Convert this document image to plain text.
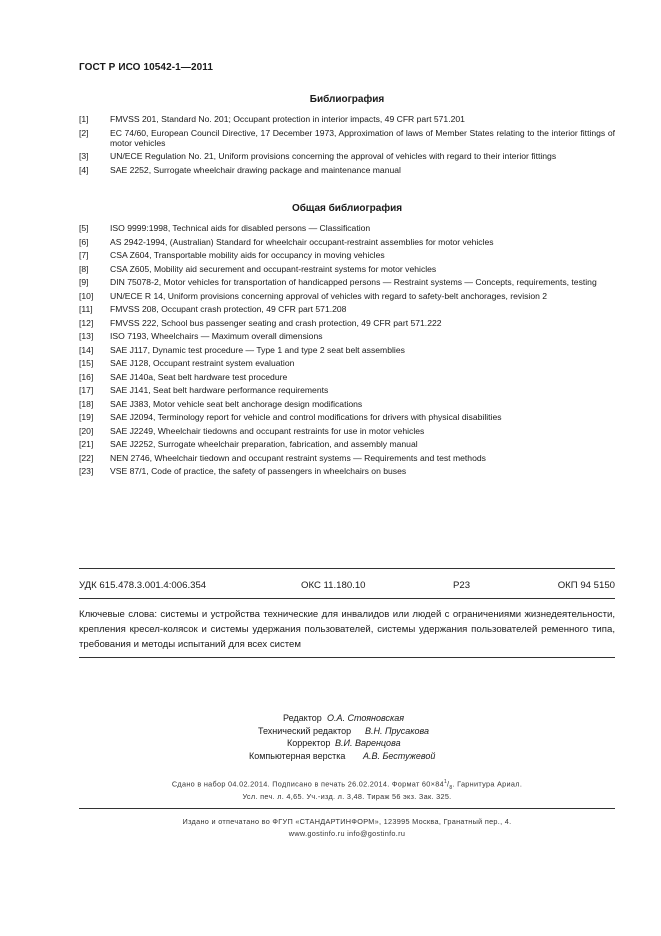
ГОСТ Р ИСО 10542-1—2011
Библиография
[1]	FMVSS 201, Standard No. 201; Occupant protection in interior impacts, 49 CFR part 571.201
[2]	EC 74/60, European Council Directive, 17 December 1973, Approximation of laws of Member States relating to the interior fittings of motor vehicles
[3]	UN/ECE Regulation No. 21, Uniform provisions concerning the approval of vehicles with regard to their interior fittings
[4]	SAE 2252, Surrogate wheelchair drawing package and maintenance manual
Общая библиография
[5]	ISO 9999:1998, Technical aids for disabled persons — Classification
[6]	AS 2942-1994, (Australian) Standard for wheelchair occupant-restraint assemblies for motor vehicles
[7]	CSA Z604, Transportable mobility aids for occupancy in moving vehicles
[8]	CSA Z605, Mobility aid securement and occupant-restraint systems for motor vehicles
[9]	DIN 75078-2, Motor vehicles for transportation of handicapped persons — Restraint systems — Concepts, requirements, testing
[10]	UN/ECE R 14, Uniform provisions concerning approval of vehicles with regard to safety-belt anchorages, revision 2
[11]	FMVSS 208, Occupant crash protection, 49 CFR part 571.208
[12]	FMVSS 222, School bus passenger seating and crash protection, 49 CFR part 571.222
[13]	ISO 7193, Wheelchairs — Maximum overall dimensions
[14]	SAE J117, Dynamic test procedure — Type 1 and type 2 seat belt assemblies
[15]	SAE J128, Occupant restraint system evaluation
[16]	SAE J140a, Seat belt hardware test procedure
[17]	SAE J141, Seat belt hardware performance requirements
[18]	SAE J383, Motor vehicle seat belt anchorage design modifications
[19]	SAE J2094, Terminology report for vehicle and control modifications for drivers with physical disabilities
[20]	SAE J2249, Wheelchair tiedowns and occupant restraints for use in motor vehicles
[21]	SAE J2252, Surrogate wheelchair preparation, fabrication, and assembly manual
[22]	NEN 2746, Wheelchair tiedown and occupant restraint systems — Requirements and test methods
[23]	VSE 87/1, Code of practice, the safety of passengers in wheelchairs on buses
УДК 615.478.3.001.4:006.354	ОКС 11.180.10	Р23	ОКП 94 5150
Ключевые слова: системы и устройства технические для инвалидов или людей с ограничениями жизнедеятельности, крепления кресел-колясок и системы удержания пользователей, системы удержания пользователей ременного типа, требования и методы испытаний для всех систем
Редактор О.А. Стояновская
Технический редактор В.Н. Прусакова
Корректор В.И. Варенцова
Компьютерная верстка А.В. Бестужевой
Сдано в набор 04.02.2014. Подписано в печать 26.02.2014. Формат $60\times 84^1/_8$. Гарнитура Ариал.
Усл. печ. л. 4,65. Уч.-изд. л. 3,48. Тираж 56 экз. Зак. 325.
Издано и отпечатано во ФГУП «СТАНДАРТИНФОРМ», 123995 Москва, Гранатный пер., 4.
www.gostinfo.ru info@gostinfo.ru
